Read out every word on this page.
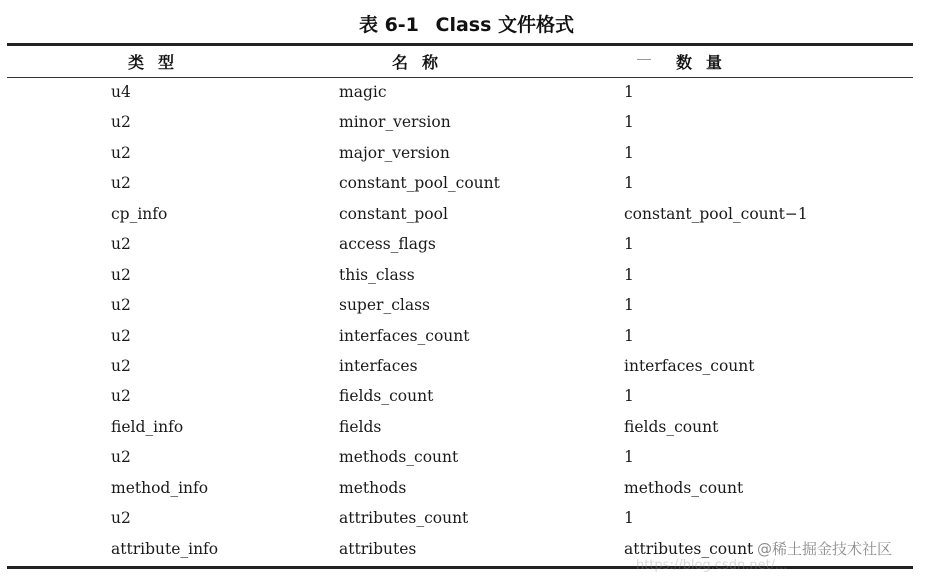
表 6-1 Class 文件格式
类型	名称	数量
u4	magic	1
u2	minor_version	1
u2	major_version	1
u2	constant_pool_count	1
cp_info	constant_pool	constant_pool_count−1
u2	access_flags	1
u2	this_class	1
u2	super_class	1
u2	interfaces_count	1
u2	interfaces	interfaces_count
u2	fields_count	1
field_info	fields	fields_count
u2	methods_count	1
method_info	methods	methods_count
u2	attributes_count	1
attribute_info	attributes	attributes_count
https://blog.csdn.net/...
@稀土掘金技术社区
